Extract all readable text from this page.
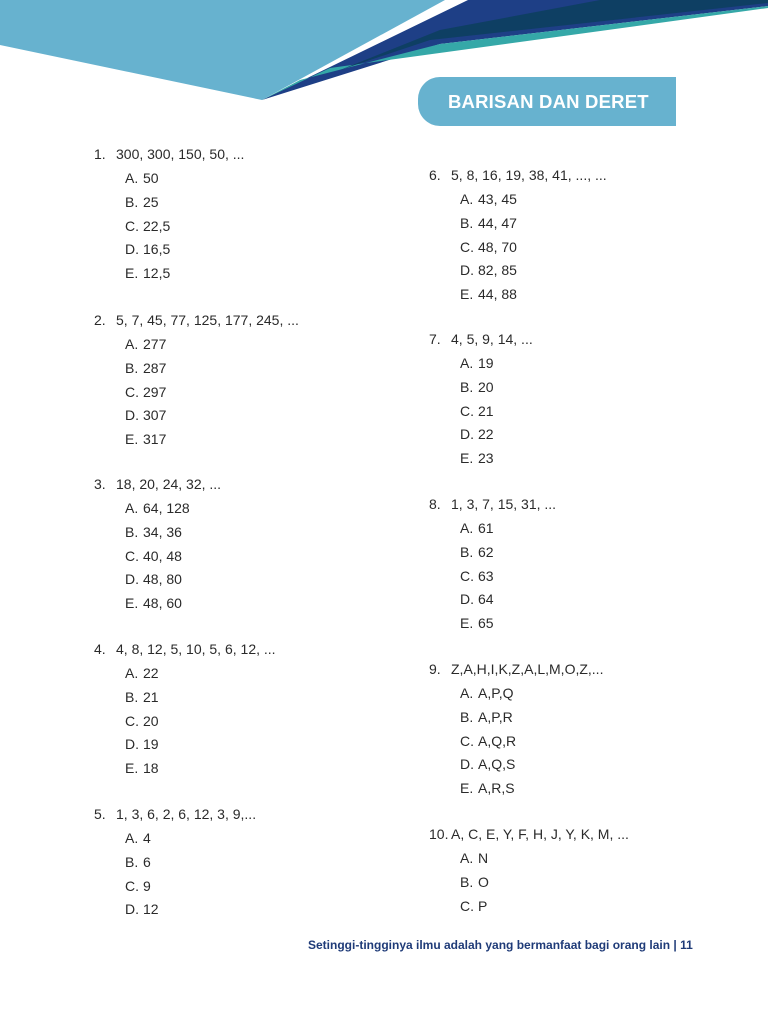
BARISAN DAN DERET
1. 300, 300, 150, 50, ...
A. 50
B. 25
C. 22,5
D. 16,5
E. 12,5
2. 5, 7, 45, 77, 125, 177, 245, ...
A. 277
B. 287
C. 297
D. 307
E. 317
3. 18, 20, 24, 32, ...
A. 64, 128
B. 34, 36
C. 40, 48
D. 48, 80
E. 48, 60
4. 4, 8, 12, 5, 10, 5, 6, 12, ...
A. 22
B. 21
C. 20
D. 19
E. 18
5. 1, 3, 6, 2, 6, 12, 3, 9,...
A. 4
B. 6
C. 9
D. 12
6. 5, 8, 16, 19, 38, 41, ..., ...
A. 43, 45
B. 44, 47
C. 48, 70
D. 82, 85
E. 44, 88
7. 4, 5, 9, 14, ...
A. 19
B. 20
C. 21
D. 22
E. 23
8. 1, 3, 7, 15, 31, ...
A. 61
B. 62
C. 63
D. 64
E. 65
9. Z,A,H,I,K,Z,A,L,M,O,Z,...
A. A,P,Q
B. A,P,R
C. A,Q,R
D. A,Q,S
E. A,R,S
10. A, C, E, Y, F, H, J, Y, K, M, ...
A. N
B. O
C. P
Setinggi-tingginya ilmu adalah yang bermanfaat bagi orang lain | 11
